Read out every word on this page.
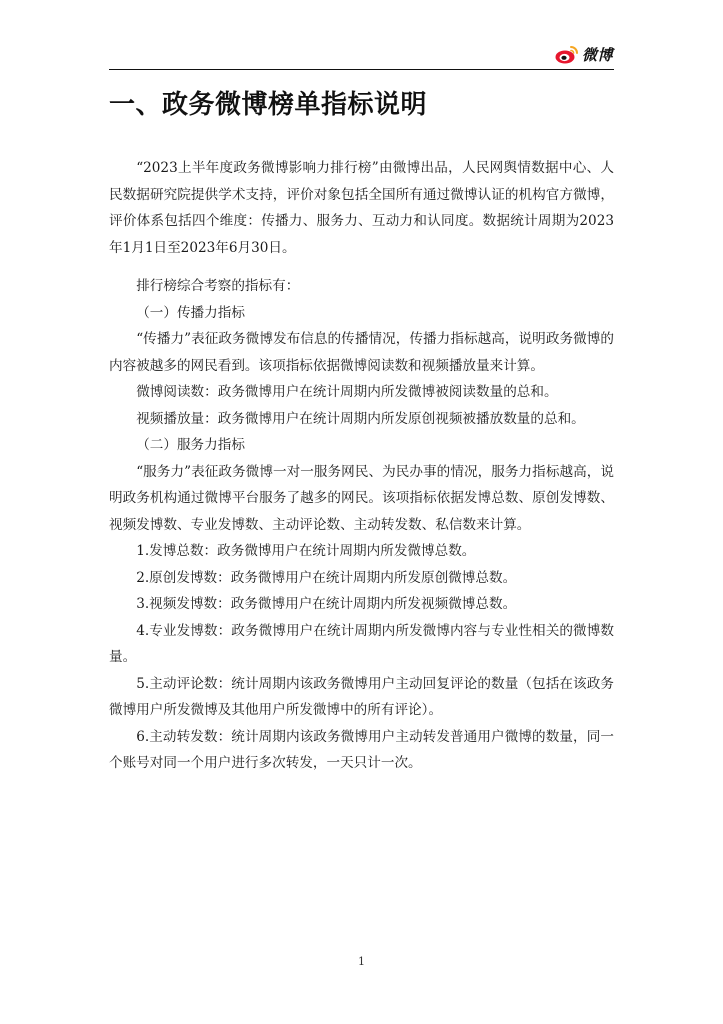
微博
一、政务微博榜单指标说明

“2023上半年度政务微博影响力排行榜”由微博出品，人民网舆情数据中心、人民数据研究院提供学术支持，评价对象包括全国所有通过微博认证的机构官方微博，评价体系包括四个维度：传播力、服务力、互动力和认同度。数据统计周期为2023年1月1日至2023年6月30日。

排行榜综合考察的指标有：

（一）传播力指标

“传播力”表征政务微博发布信息的传播情况，传播力指标越高，说明政务微博的内容被越多的网民看到。该项指标依据微博阅读数和视频播放量来计算。

微博阅读数：政务微博用户在统计周期内所发微博被阅读数量的总和。

视频播放量：政务微博用户在统计周期内所发原创视频被播放数量的总和。

（二）服务力指标

“服务力”表征政务微博一对一服务网民、为民办事的情况，服务力指标越高，说明政务机构通过微博平台服务了越多的网民。该项指标依据发博总数、原创发博数、视频发博数、专业发博数、主动评论数、主动转发数、私信数来计算。

1.发博总数：政务微博用户在统计周期内所发微博总数。

2.原创发博数：政务微博用户在统计周期内所发原创微博总数。

3.视频发博数：政务微博用户在统计周期内所发视频微博总数。

4.专业发博数：政务微博用户在统计周期内所发微博内容与专业性相关的微博数量。

5.主动评论数：统计周期内该政务微博用户主动回复评论的数量（包括在该政务微博用户所发微博及其他用户所发微博中的所有评论）。

6.主动转发数：统计周期内该政务微博用户主动转发普通用户微博的数量，同一个账号对同一个用户进行多次转发，一天只计一次。

1
